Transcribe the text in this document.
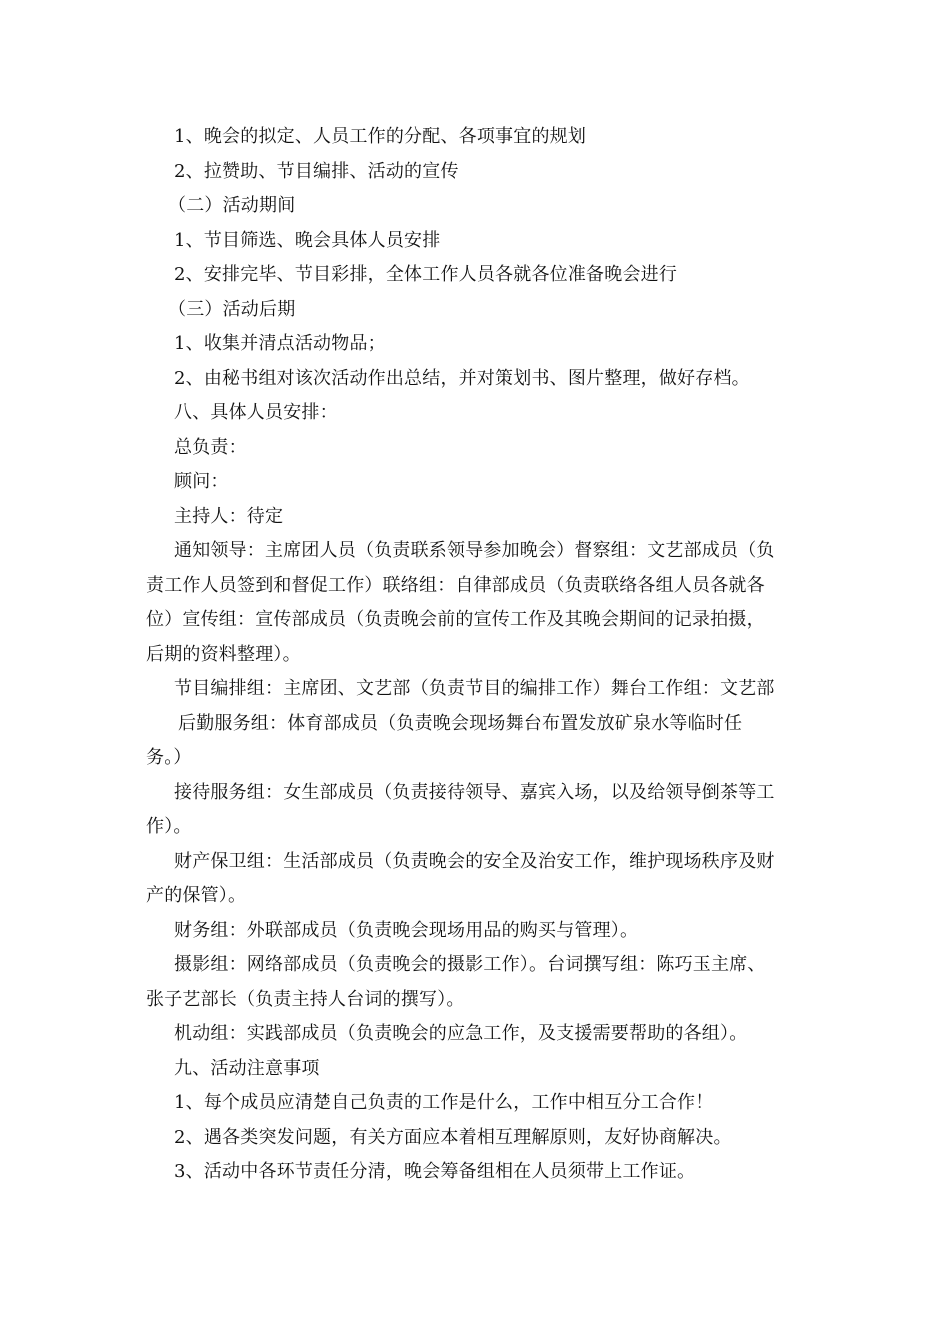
1、晚会的拟定、人员工作的分配、各项事宜的规划
2、拉赞助、节目编排、活动的宣传
（二）活动期间
1、节目筛选、晚会具体人员安排
2、安排完毕、节目彩排，全体工作人员各就各位准备晚会进行
（三）活动后期
1、收集并清点活动物品；
2、由秘书组对该次活动作出总结，并对策划书、图片整理，做好存档。
八、具体人员安排：
总负责：
顾问：
主持人：待定
通知领导：主席团人员（负责联系领导参加晚会）督察组：文艺部成员（负
责工作人员签到和督促工作）联络组：自律部成员（负责联络各组人员各就各
位）宣传组：宣传部成员（负责晚会前的宣传工作及其晚会期间的记录拍摄，
后期的资料整理）。
节目编排组：主席团、文艺部（负责节目的编排工作）舞台工作组：文艺部
后勤服务组：体育部成员（负责晚会现场舞台布置发放矿泉水等临时任
务。）
接待服务组：女生部成员（负责接待领导、嘉宾入场，以及给领导倒茶等工
作）。
财产保卫组：生活部成员（负责晚会的安全及治安工作，维护现场秩序及财
产的保管）。
财务组：外联部成员（负责晚会现场用品的购买与管理）。
摄影组：网络部成员（负责晚会的摄影工作）。台词撰写组：陈巧玉主席、
张子艺部长（负责主持人台词的撰写）。
机动组：实践部成员（负责晚会的应急工作，及支援需要帮助的各组）。
九、活动注意事项
1、每个成员应清楚自己负责的工作是什么，工作中相互分工合作！
2、遇各类突发问题，有关方面应本着相互理解原则，友好协商解决。
3、活动中各环节责任分清，晚会筹备组相在人员须带上工作证。
